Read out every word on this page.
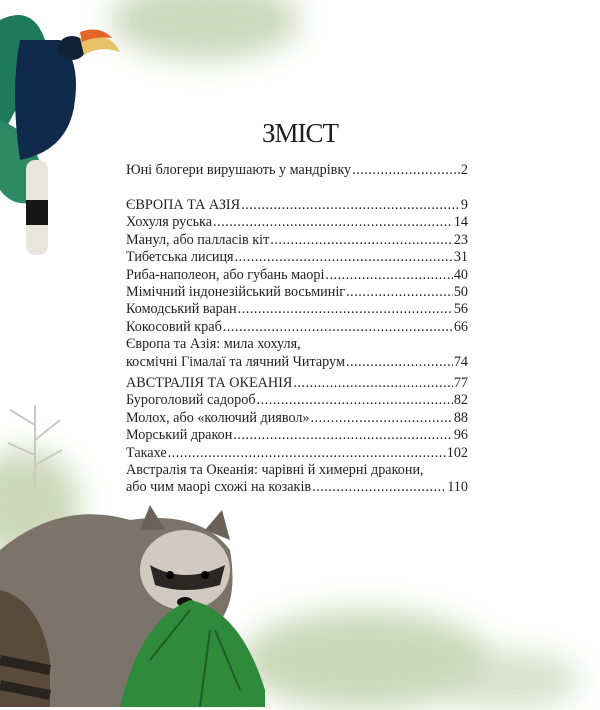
ЗМІСТ
Юні блогери вирушають у мандрівку .....	2
ЄВРОПА ТА АЗІЯ .....	9
Хохуля руська .....	14
Манул, або палласів кіт .....	23
Тибетська лисиця .....	31
Риба-наполеон, або губань маорі .....	40
Мімічний індонезійський восьминіг .....	50
Комодський варан .....	56
Кокосовий краб .....	66
Європа та Азія: мила хохуля,
космічні Гімалаї та лячний Читарум .....	74
АВСТРАЛІЯ ТА ОКЕАНІЯ .....	77
Буроголовий садороб .....	82
Молох, або «колючий диявол» .....	88
Морський дракон .....	96
Такахе .....	102
Австралія та Океанія: чарівні й химерні дракони,
або чим маорі схожі на козаків .....	110
